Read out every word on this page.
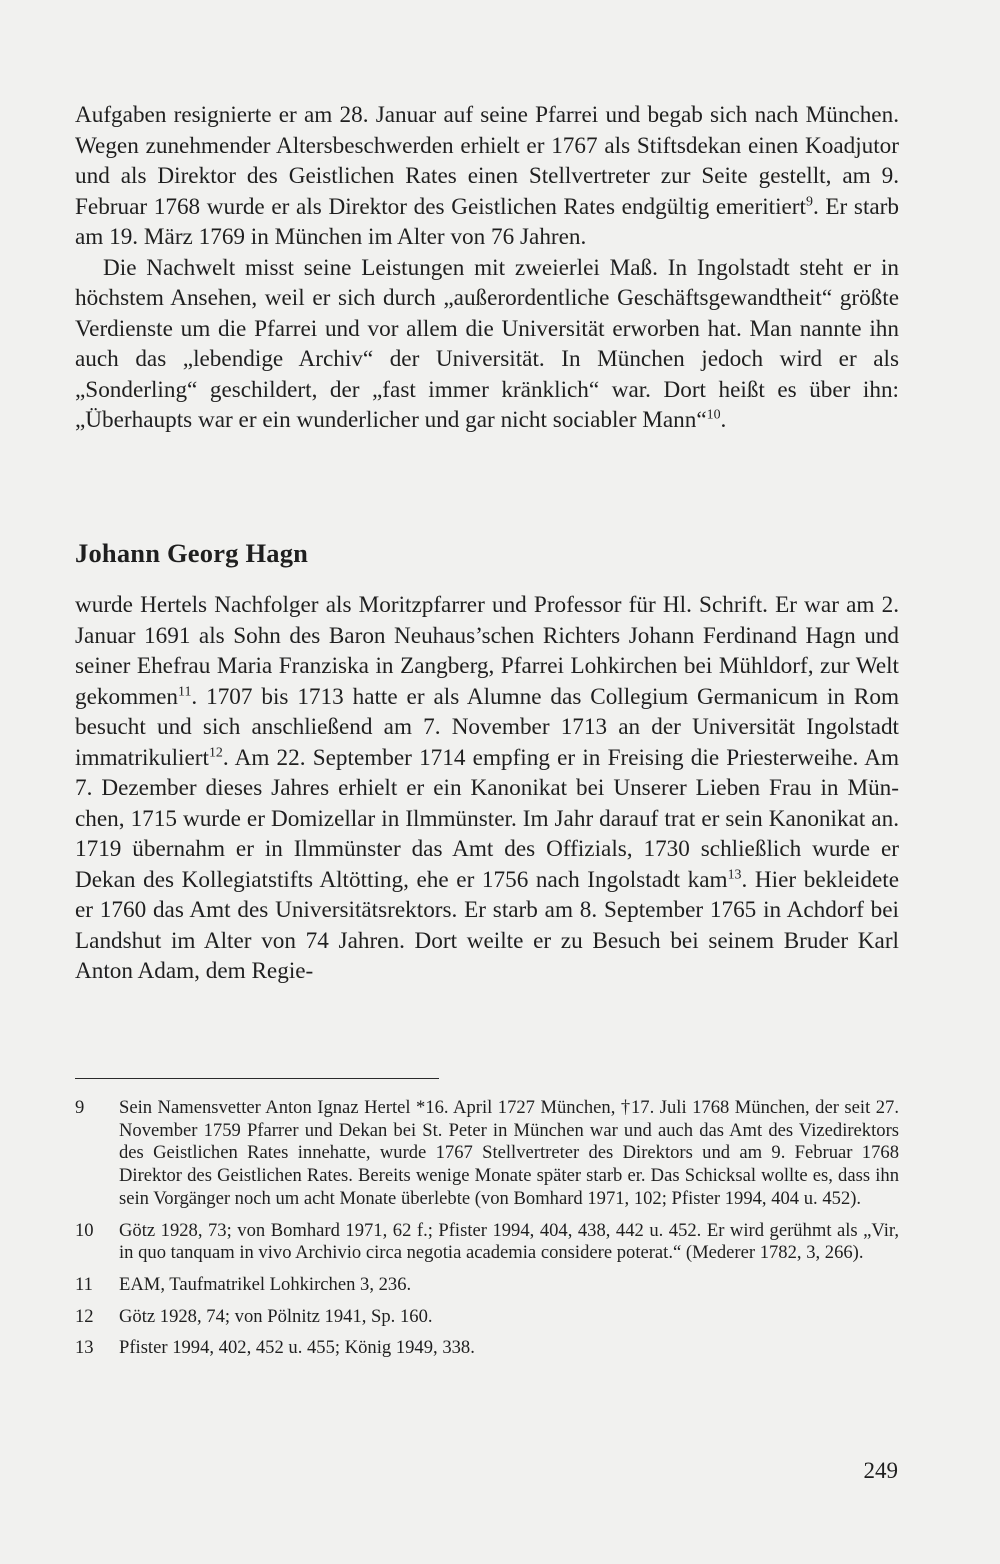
Aufgaben resignierte er am 28. Januar auf seine Pfarrei und begab sich nach München. Wegen zunehmender Altersbeschwerden erhielt er 1767 als Stiftsdekan einen Koadjutor und als Direktor des Geistlichen Rates einen Stellvertreter zur Seite gestellt, am 9. Februar 1768 wurde er als Direktor des Geistlichen Rates endgültig emeritiert$^9$. Er starb am 19. März 1769 in München im Alter von 76 Jahren.

Die Nachwelt misst seine Leistungen mit zweierlei Maß. In Ingolstadt steht er in höchstem Ansehen, weil er sich durch „außerordentliche Geschäftsgewandtheit“ größte Verdienste um die Pfarrei und vor allem die Universität erworben hat. Man nannte ihn auch das „lebendige Archiv“ der Universität. In München jedoch wird er als „Sonderling“ geschildert, der „fast immer kränklich“ war. Dort heißt es über ihn: „Überhaupts war er ein wunderlicher und gar nicht sociabler Mann“$^{10}$.

Johann Georg Hagn

wurde Hertels Nachfolger als Moritzpfarrer und Professor für Hl. Schrift. Er war am 2. Januar 1691 als Sohn des Baron Neuhaus’schen Richters Johann Ferdinand Hagn und seiner Ehefrau Maria Franziska in Zangberg, Pfarrei Lohkirchen bei Mühldorf, zur Welt gekommen$^{11}$. 1707 bis 1713 hatte er als Alumne das Collegium Germanicum in Rom besucht und sich anschließend am 7. November 1713 an der Universität Ingolstadt immatrikuliert$^{12}$. Am 22. September 1714 empfing er in Freising die Priesterweihe. Am 7. Dezember dieses Jahres erhielt er ein Kanonikat bei Unserer Lieben Frau in München, 1715 wurde er Domizellar in Ilmmünster. Im Jahr darauf trat er sein Kanonikat an. 1719 übernahm er in Ilmmünster das Amt des Offizials, 1730 schließlich wurde er Dekan des Kollegiatstifts Altötting, ehe er 1756 nach Ingolstadt kam$^{13}$. Hier bekleidete er 1760 das Amt des Universitätsrektors. Er starb am 8. September 1765 in Achdorf bei Landshut im Alter von 74 Jahren. Dort weilte er zu Besuch bei seinem Bruder Karl Anton Adam, dem Regie-

9	Sein Namensvetter Anton Ignaz Hertel *16. April 1727 München, †17. Juli 1768 München, der seit 27. November 1759 Pfarrer und Dekan bei St. Peter in München war und auch das Amt des Vizedirektors des Geistlichen Rates innehatte, wurde 1767 Stellvertreter des Direktors und am 9. Februar 1768 Direktor des Geistlichen Rates. Bereits wenige Monate später starb er. Das Schicksal wollte es, dass ihn sein Vorgänger noch um acht Monate überlebte (von Bomhard 1971, 102; Pfister 1994, 404 u. 452).
10	Götz 1928, 73; von Bomhard 1971, 62 f.; Pfister 1994, 404, 438, 442 u. 452. Er wird gerühmt als „Vir, in quo tanquam in vivo Archivio circa negotia academia considere poterat.“ (Mederer 1782, 3, 266).
11	EAM, Taufmatrikel Lohkirchen 3, 236.
12	Götz 1928, 74; von Pölnitz 1941, Sp. 160.
13	Pfister 1994, 402, 452 u. 455; König 1949, 338.
249
